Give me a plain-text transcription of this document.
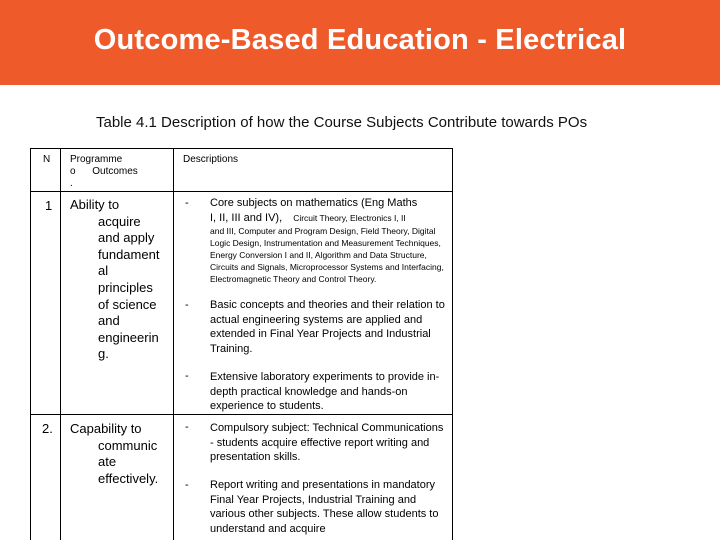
Outcome-Based Education - Electrical
Table 4.1 Description of how the Course Subjects Contribute towards POs
N Programme
o      Outcomes
.
Descriptions
1 Ability to
acquire
and apply
fundament
al
principles
of science
and
engineerin
g.
- Core subjects on mathematics (Eng Maths
I, II, III and IV), Circuit Theory, Electronics I, II
and III, Computer and Program Design, Field Theory, Digital Logic Design, Instrumentation and Measurement Techniques, Energy Conversion I and II, Algorithm and Data Structure, Circuits and Signals, Microprocessor Systems and Interfacing, Electromagnetic Theory and Control Theory.
- Basic concepts and theories and their relation to actual engineering systems are applied and extended in Final Year Projects and Industrial Training.
- Extensive laboratory experiments to provide in-depth practical knowledge and hands-on experience to students.
2. Capability to
communic
ate
effectively.
- Compulsory subject: Technical Communications - students acquire effective report writing and presentation skills.
- Report writing and presentations in mandatory Final Year Projects, Industrial Training and various other subjects. These allow students to understand and acquire
